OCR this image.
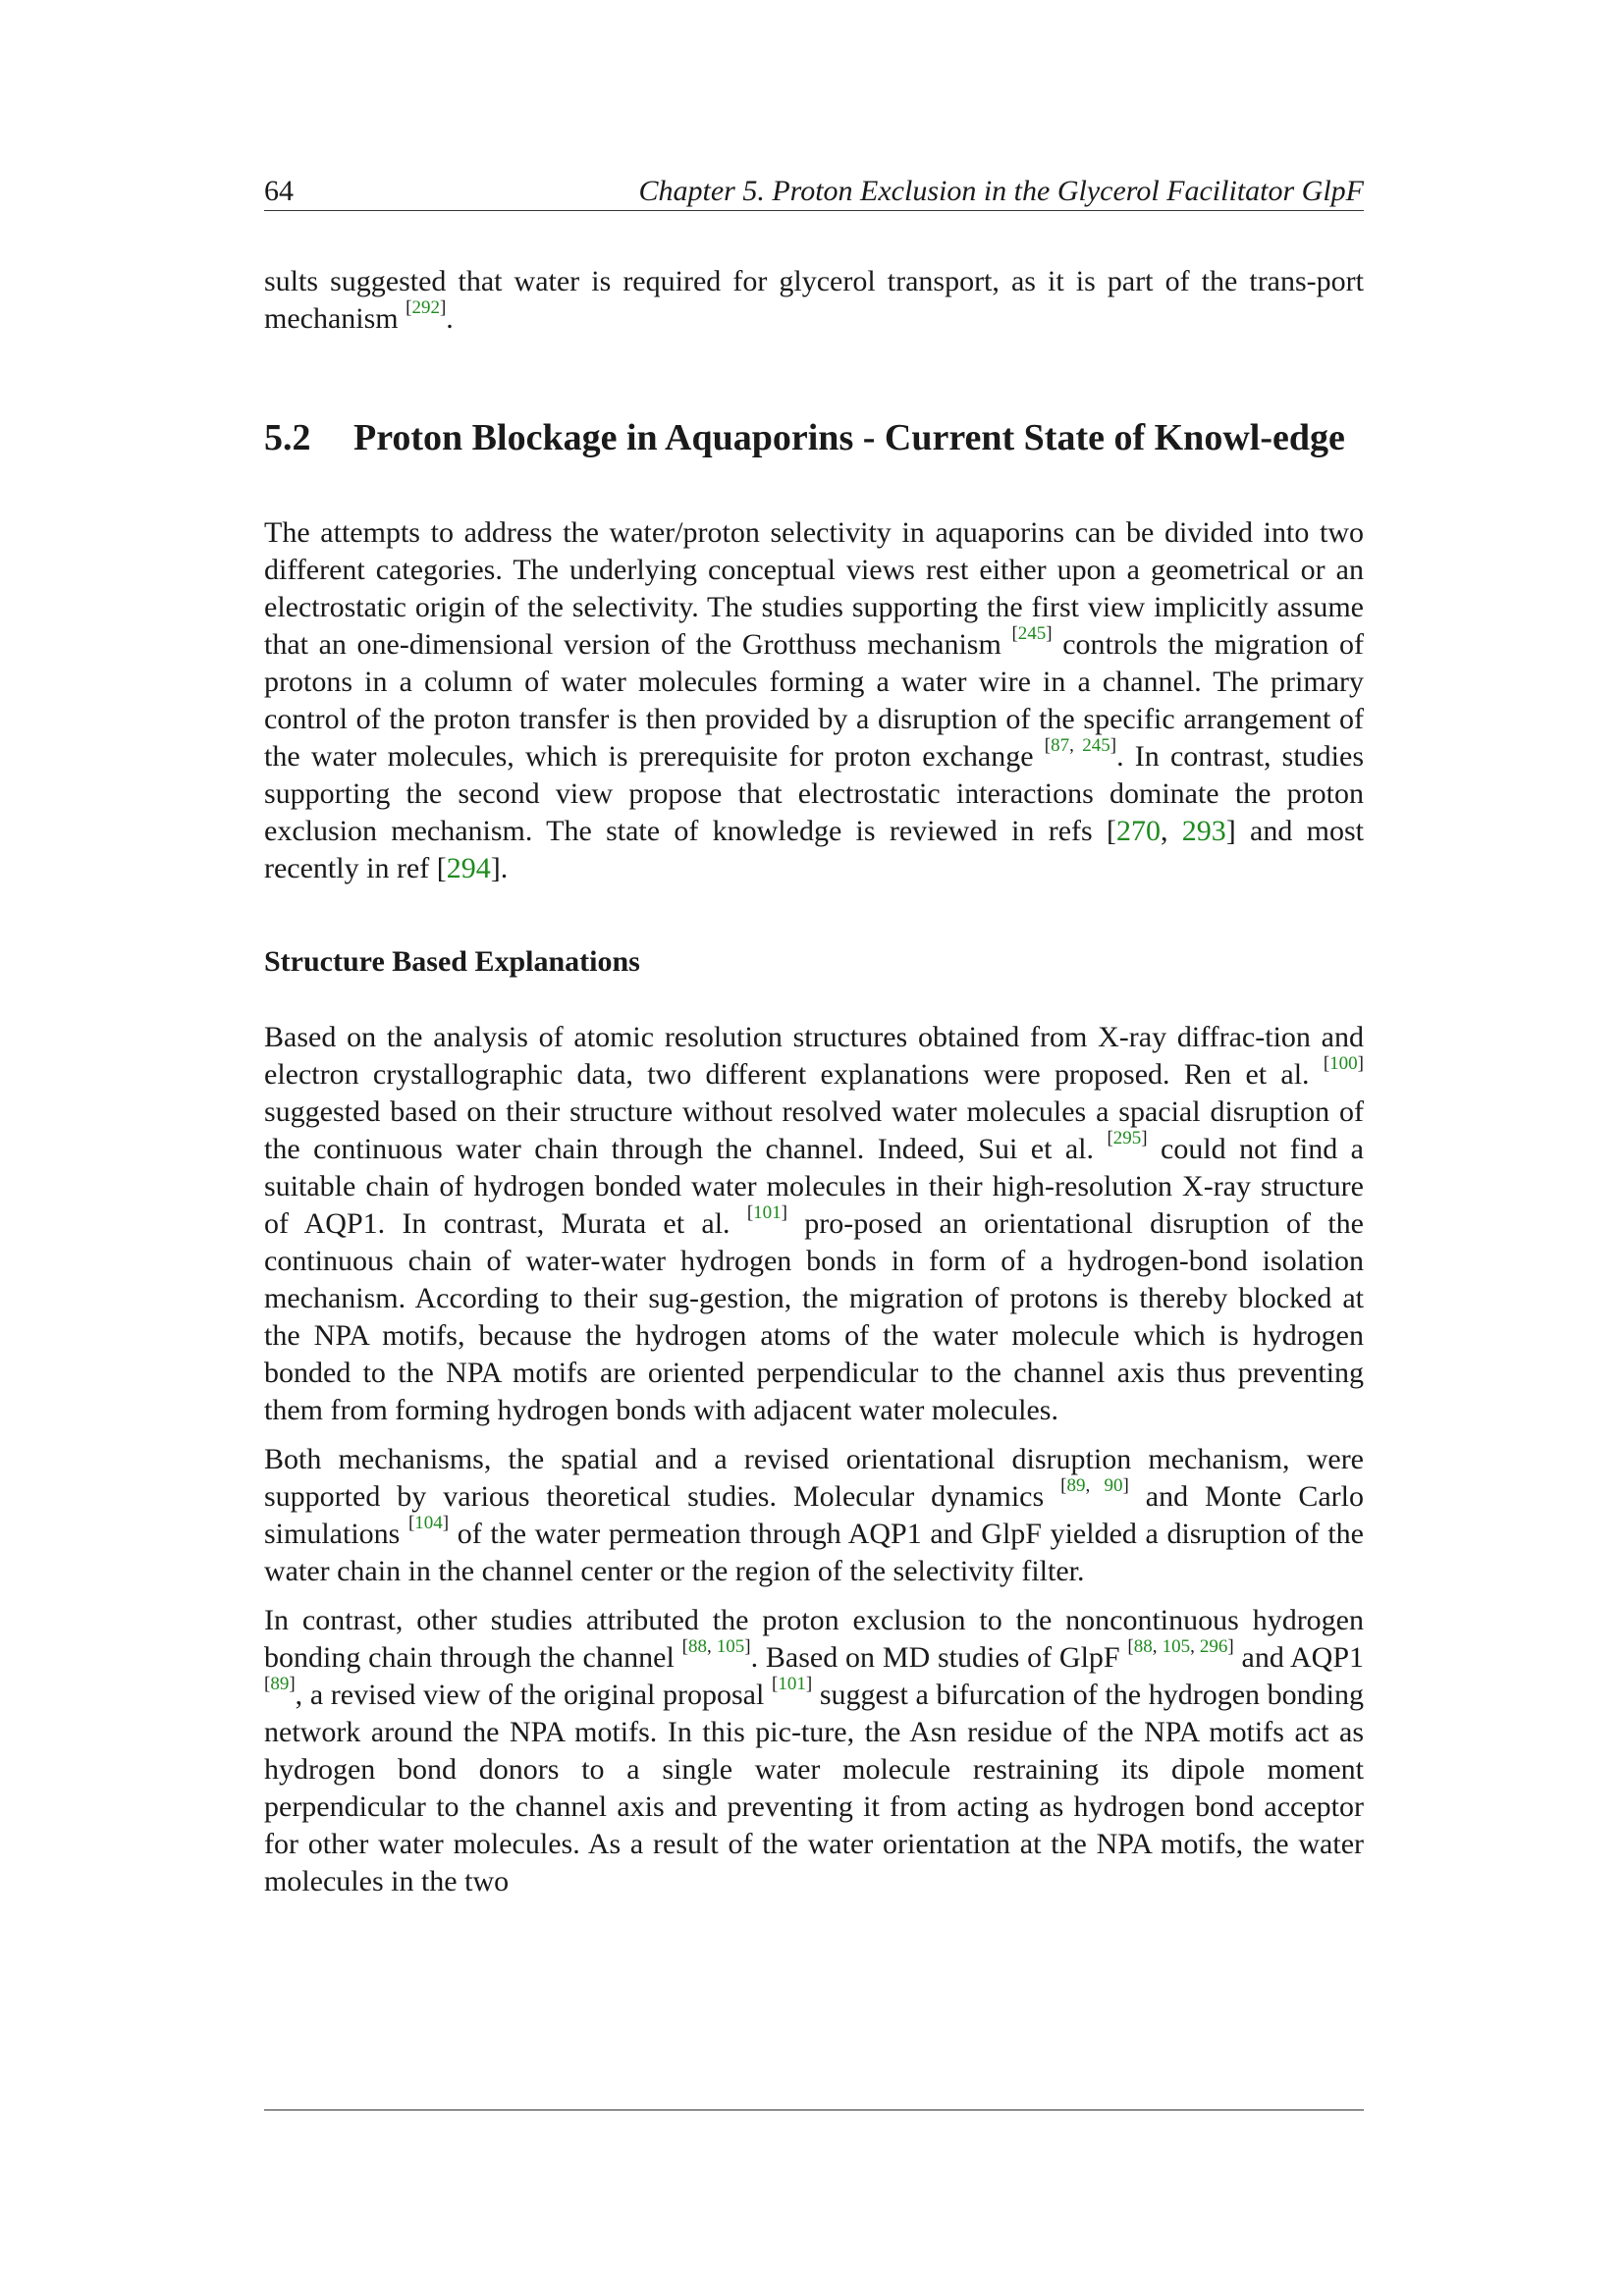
64	Chapter 5. Proton Exclusion in the Glycerol Facilitator GlpF

sults suggested that water is required for glycerol transport, as it is part of the trans-port mechanism [292].

5.2	Proton Blockage in Aquaporins - Current State of Knowl-edge

The attempts to address the water/proton selectivity in aquaporins can be divided into two different categories. The underlying conceptual views rest either upon a geometrical or an electrostatic origin of the selectivity. The studies supporting the first view implicitly assume that an one-dimensional version of the Grotthuss mechanism [245] controls the migration of protons in a column of water molecules forming a water wire in a channel. The primary control of the proton transfer is then provided by a disruption of the specific arrangement of the water molecules, which is prerequisite for proton exchange [87, 245]. In contrast, studies supporting the second view propose that electrostatic interactions dominate the proton exclusion mechanism. The state of knowledge is reviewed in refs [270, 293] and most recently in ref [294].

Structure Based Explanations

Based on the analysis of atomic resolution structures obtained from X-ray diffrac-tion and electron crystallographic data, two different explanations were proposed. Ren et al. [100] suggested based on their structure without resolved water molecules a spacial disruption of the continuous water chain through the channel. Indeed, Sui et al. [295] could not find a suitable chain of hydrogen bonded water molecules in their high-resolution X-ray structure of AQP1. In contrast, Murata et al. [101] pro-posed an orientational disruption of the continuous chain of water-water hydrogen bonds in form of a hydrogen-bond isolation mechanism. According to their sug-gestion, the migration of protons is thereby blocked at the NPA motifs, because the hydrogen atoms of the water molecule which is hydrogen bonded to the NPA motifs are oriented perpendicular to the channel axis thus preventing them from forming hydrogen bonds with adjacent water molecules.

Both mechanisms, the spatial and a revised orientational disruption mechanism, were supported by various theoretical studies. Molecular dynamics [89, 90] and Monte Carlo simulations [104] of the water permeation through AQP1 and GlpF yielded a disruption of the water chain in the channel center or the region of the selectivity filter.

In contrast, other studies attributed the proton exclusion to the noncontinuous hydrogen bonding chain through the channel [88, 105]. Based on MD studies of GlpF [88, 105, 296] and AQP1 [89], a revised view of the original proposal [101] suggest a bifurcation of the hydrogen bonding network around the NPA motifs. In this pic-ture, the Asn residue of the NPA motifs act as hydrogen bond donors to a single water molecule restraining its dipole moment perpendicular to the channel axis and preventing it from acting as hydrogen bond acceptor for other water molecules. As a result of the water orientation at the NPA motifs, the water molecules in the two
